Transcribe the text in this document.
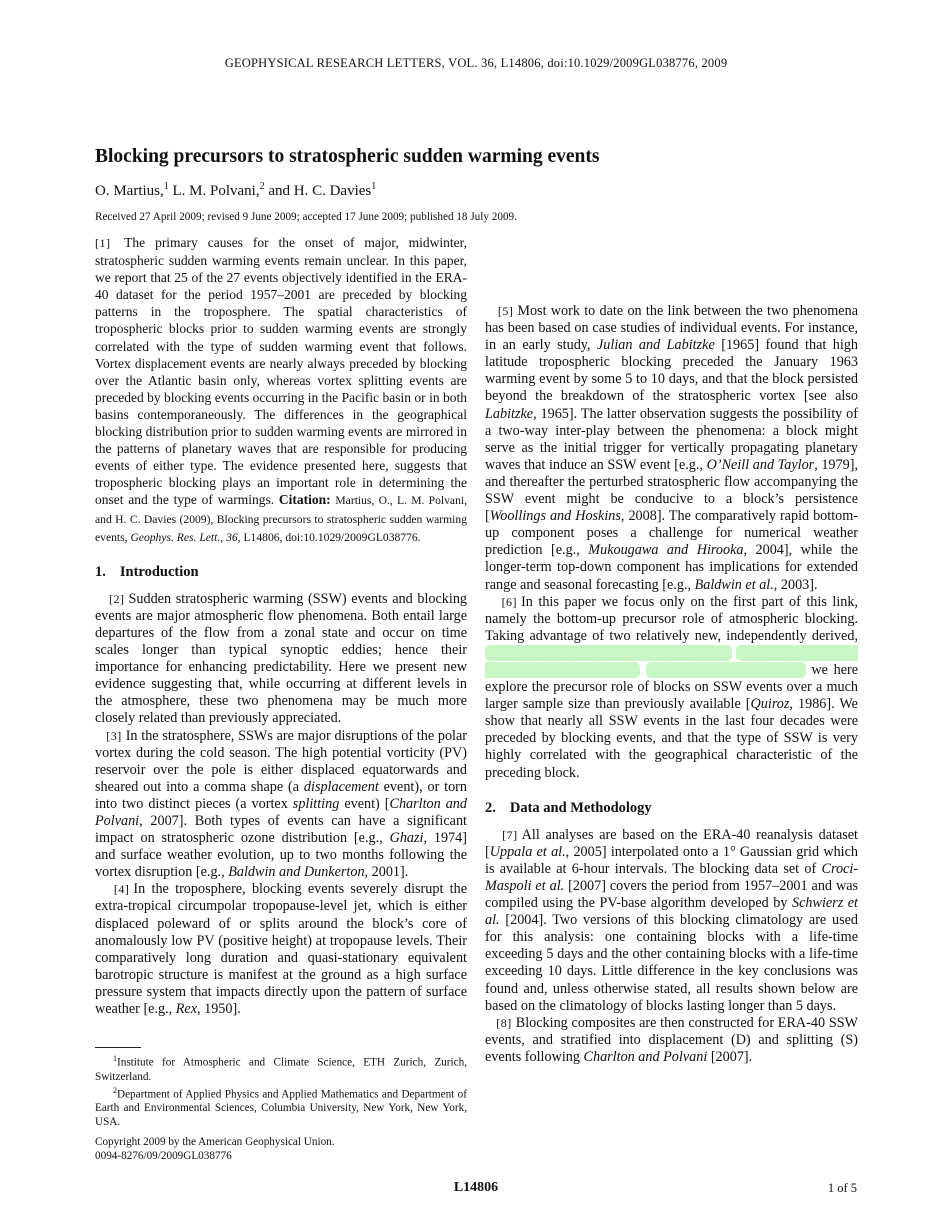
GEOPHYSICAL RESEARCH LETTERS, VOL. 36, L14806, doi:10.1029/2009GL038776, 2009
Blocking precursors to stratospheric sudden warming events
O. Martius,$^1$ L. M. Polvani,$^2$ and H. C. Davies$^1$
Received 27 April 2009; revised 9 June 2009; accepted 17 June 2009; published 18 July 2009.

[1] The primary causes for the onset of major, midwinter, stratospheric sudden warming events remain unclear. In this paper, we report that 25 of the 27 events objectively identified in the ERA-40 dataset for the period 1957–2001 are preceded by blocking patterns in the troposphere. The spatial characteristics of tropospheric blocks prior to sudden warming events are strongly correlated with the type of sudden warming event that follows. Vortex displacement events are nearly always preceded by blocking over the Atlantic basin only, whereas vortex splitting events are preceded by blocking events occurring in the Pacific basin or in both basins contemporaneously. The differences in the geographical blocking distribution prior to sudden warming events are mirrored in the patterns of planetary waves that are responsible for producing events of either type. The evidence presented here, suggests that tropospheric blocking plays an important role in determining the onset and the type of warmings. Citation: Martius, O., L. M. Polvani, and H. C. Davies (2009), Blocking precursors to stratospheric sudden warming events, Geophys. Res. Lett., 36, L14806, doi:10.1029/2009GL038776.

1. Introduction

[2] Sudden stratospheric warming (SSW) events and blocking events are major atmospheric flow phenomena. Both entail large departures of the flow from a zonal state and occur on time scales longer than typical synoptic eddies; hence their importance for enhancing predictability. Here we present new evidence suggesting that, while occurring at different levels in the atmosphere, these two phenomena may be much more closely related than previously appreciated.

[3] In the stratosphere, SSWs are major disruptions of the polar vortex during the cold season. The high potential vorticity (PV) reservoir over the pole is either displaced equatorwards and sheared out into a comma shape (a displacement event), or torn into two distinct pieces (a vortex splitting event) [Charlton and Polvani, 2007]. Both types of events can have a significant impact on stratospheric ozone distribution [e.g., Ghazi, 1974] and surface weather evolution, up to two months following the vortex disruption [e.g., Baldwin and Dunkerton, 2001].

[4] In the troposphere, blocking events severely disrupt the extra-tropical circumpolar tropopause-level jet, which is either displaced poleward of or splits around the block’s core of anomalously low PV (positive height) at tropopause levels. Their comparatively long duration and quasi-stationary equivalent barotropic structure is manifest at the ground as a high surface pressure system that impacts directly upon the pattern of surface weather [e.g., Rex, 1950].

[5] Most work to date on the link between the two phenomena has been based on case studies of individual events. For instance, in an early study, Julian and Labitzke [1965] found that high latitude tropospheric blocking preceded the January 1963 warming event by some 5 to 10 days, and that the block persisted beyond the breakdown of the stratospheric vortex [see also Labitzke, 1965]. The latter observation suggests the possibility of a two-way inter-play between the phenomena: a block might serve as the initial trigger for vertically propagating planetary waves that induce an SSW event [e.g., O’Neill and Taylor, 1979], and thereafter the perturbed stratospheric flow accompanying the SSW event might be conducive to a block’s persistence [Woollings and Hoskins, 2008]. The comparatively rapid bottom-up component poses a challenge for numerical weather prediction [e.g., Mukougawa and Hirooka, 2004], while the longer-term top-down component has implications for extended range and seasonal forecasting [e.g., Baldwin et al., 2003].

[6] In this paper we focus only on the first part of this link, namely the bottom-up precursor role of atmospheric blocking. Taking advantage of two relatively new, independently derived, climatologies of blocking and SSW events, respectively covering the period 1957–2001 and comprising 27 SSW events we here explore the precursor role of blocks on SSW events over a much larger sample size than previously available [Quiroz, 1986]. We show that nearly all SSW events in the last four decades were preceded by blocking events, and that the type of SSW is very highly correlated with the geographical characteristic of the preceding block.

2. Data and Methodology

[7] All analyses are based on the ERA-40 reanalysis dataset [Uppala et al., 2005] interpolated onto a 1° Gaussian grid which is available at 6-hour intervals. The blocking data set of Croci-Maspoli et al. [2007] covers the period from 1957–2001 and was compiled using the PV-base algorithm developed by Schwierz et al. [2004]. Two versions of this blocking climatology are used for this analysis: one containing blocks with a life-time exceeding 5 days and the other containing blocks with a life-time exceeding 10 days. Little difference in the key conclusions was found and, unless otherwise stated, all results shown below are based on the climatology of blocks lasting longer than 5 days.

[8] Blocking composites are then constructed for ERA-40 SSW events, and stratified into displacement (D) and splitting (S) events following Charlton and Polvani [2007].

$^1$Institute for Atmospheric and Climate Science, ETH Zurich, Zurich, Switzerland.

$^2$Department of Applied Physics and Applied Mathematics and Department of Earth and Environmental Sciences, Columbia University, New York, New York, USA.

Copyright 2009 by the American Geophysical Union.

0094-8276/09/2009GL038776

L14806	1 of 5
